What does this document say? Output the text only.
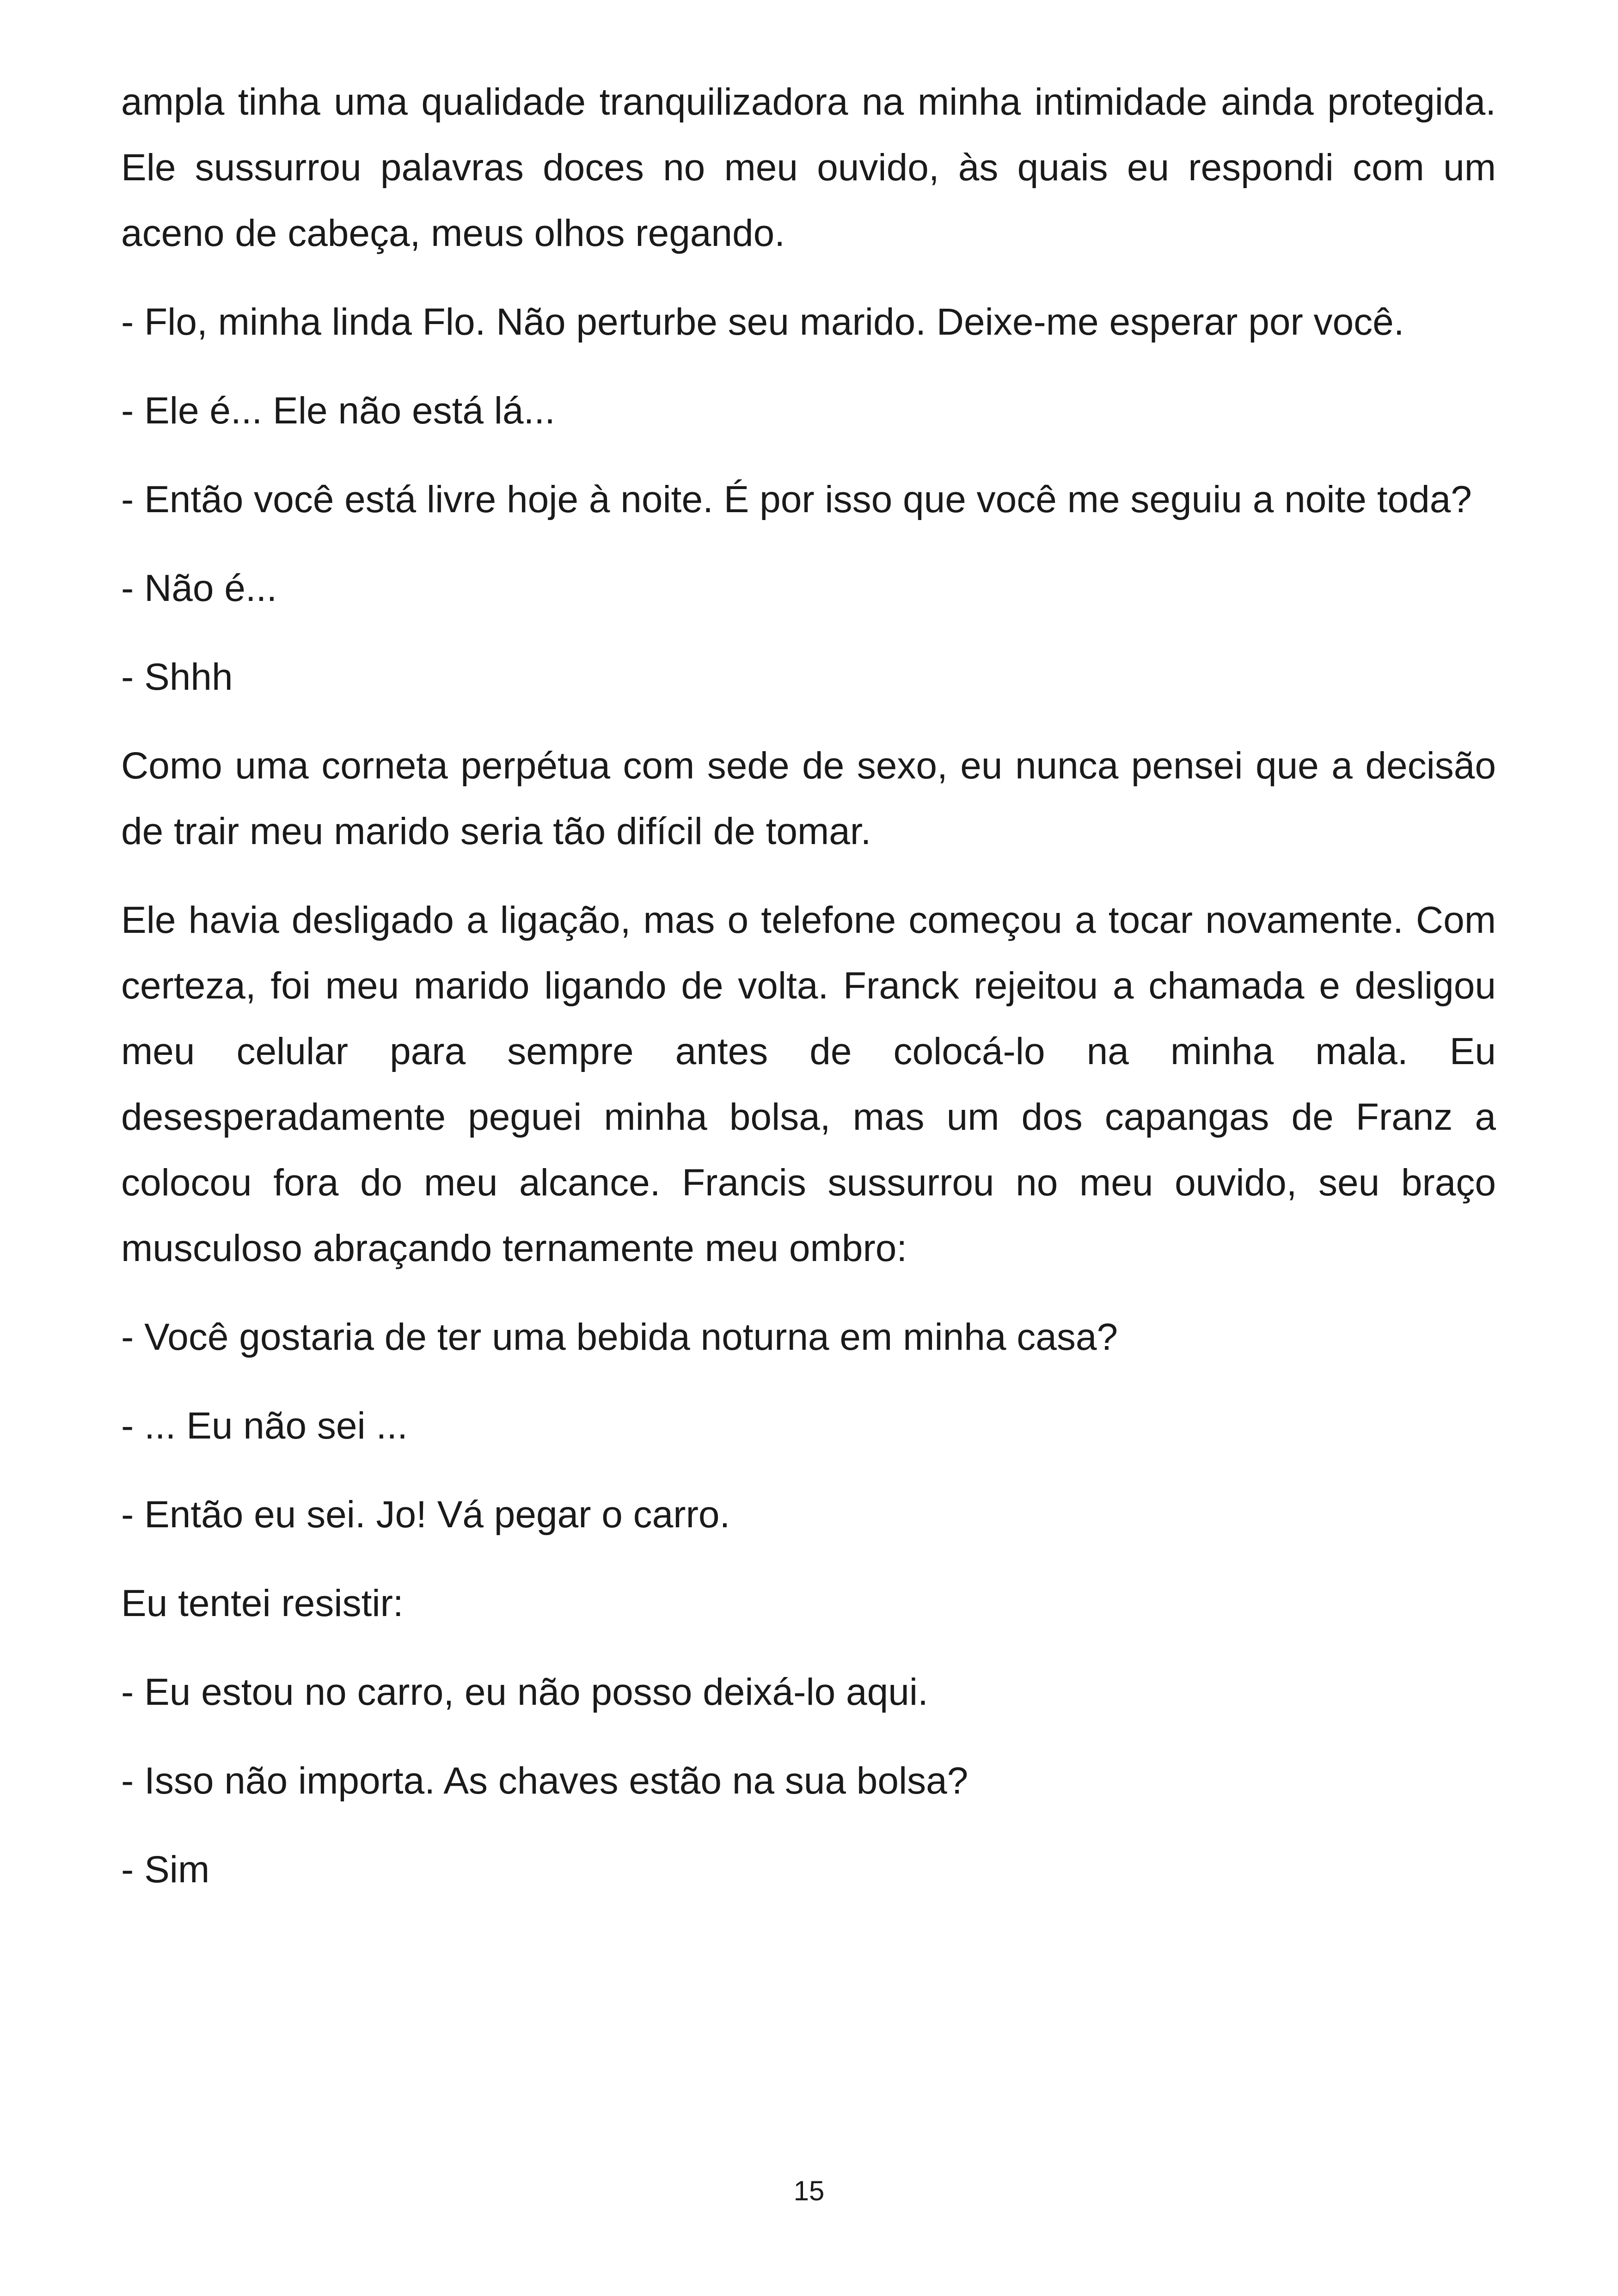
ampla tinha uma qualidade tranquilizadora na minha intimidade ainda protegida. Ele sussurrou palavras doces no meu ouvido, às quais eu respondi com um aceno de cabeça, meus olhos regando.

- Flo, minha linda Flo. Não perturbe seu marido. Deixe-me esperar por você.

- Ele é... Ele não está lá...

- Então você está livre hoje à noite. É por isso que você me seguiu a noite toda?

- Não é...

- Shhh

Como uma corneta perpétua com sede de sexo, eu nunca pensei que a decisão de trair meu marido seria tão difícil de tomar.

Ele havia desligado a ligação, mas o telefone começou a tocar novamente. Com certeza, foi meu marido ligando de volta. Franck rejeitou a chamada e desligou meu celular para sempre antes de colocá-lo na minha mala. Eu desesperadamente peguei minha bolsa, mas um dos capangas de Franz a colocou fora do meu alcance. Francis sussurrou no meu ouvido, seu braço musculoso abraçando ternamente meu ombro:

- Você gostaria de ter uma bebida noturna em minha casa?

- ... Eu não sei ...

- Então eu sei. Jo! Vá pegar o carro.

Eu tentei resistir:

- Eu estou no carro, eu não posso deixá-lo aqui.

- Isso não importa. As chaves estão na sua bolsa?

- Sim

15
